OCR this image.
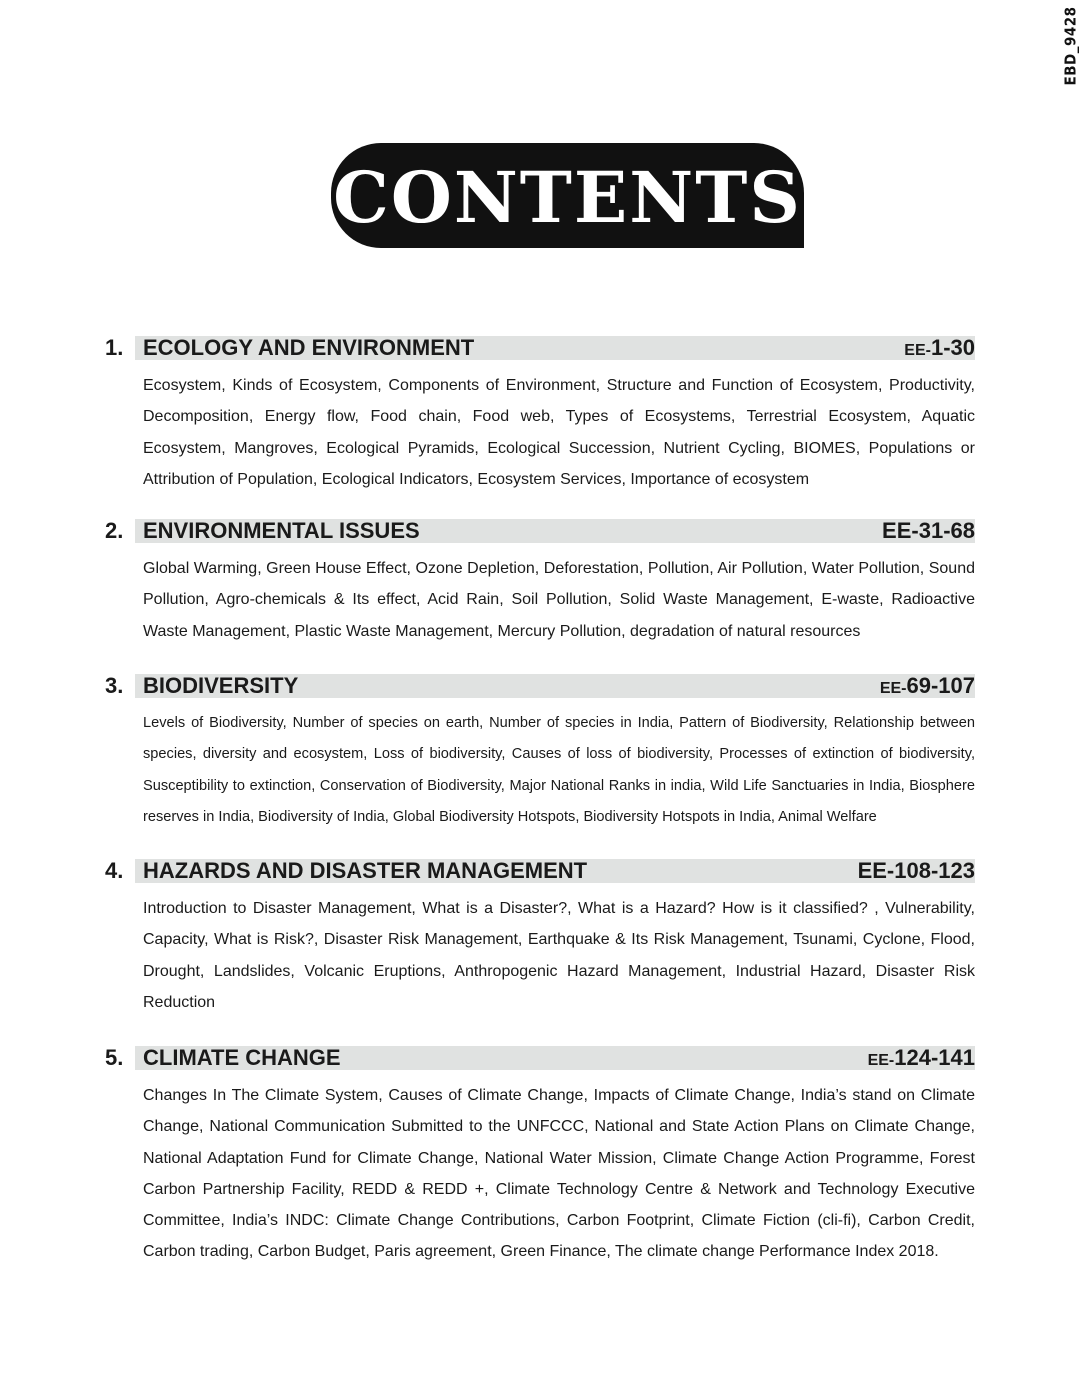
EBD_9428
CONTENTS
1. ECOLOGY AND ENVIRONMENT	EE-1-30
Ecosystem, Kinds of Ecosystem, Components of Environment, Structure and Function of Ecosystem, Productivity, Decomposition, Energy flow, Food chain, Food web, Types of Ecosystems, Terrestrial Ecosystem, Aquatic Ecosystem, Mangroves, Ecological Pyramids, Ecological Succession, Nutrient Cycling, BIOMES, Populations or Attribution of Population, Ecological Indicators, Ecosystem Services, Importance of ecosystem
2. ENVIRONMENTAL ISSUES	EE-31-68
Global Warming, Green House Effect, Ozone Depletion, Deforestation, Pollution, Air Pollution, Water Pollution, Sound Pollution, Agro-chemicals & Its effect, Acid Rain, Soil Pollution, Solid Waste Management, E-waste, Radioactive Waste Management, Plastic Waste Management, Mercury Pollution, degradation of natural resources
3. BIODIVERSITY	EE-69-107
Levels of Biodiversity, Number of species on earth, Number of species in India, Pattern of Biodiversity, Relationship between species, diversity and ecosystem, Loss of biodiversity, Causes of loss of biodiversity, Processes of extinction of biodiversity, Susceptibility to extinction, Conservation of Biodiversity, Major National Ranks in india, Wild Life Sanctuaries in India, Biosphere reserves in India, Biodiversity of India, Global Biodiversity Hotspots, Biodiversity Hotspots in India, Animal Welfare
4. HAZARDS AND DISASTER MANAGEMENT	EE-108-123
Introduction to Disaster Management, What is a Disaster?, What is a Hazard? How is it classified? , Vulnerability, Capacity, What is Risk?, Disaster Risk Management, Earthquake & Its Risk Management, Tsunami, Cyclone, Flood, Drought, Landslides, Volcanic Eruptions, Anthropogenic Hazard Management, Industrial Hazard, Disaster Risk Reduction
5. CLIMATE CHANGE	EE-124-141
Changes In The Climate System, Causes of Climate Change, Impacts of Climate Change, India’s stand on Climate Change, National Communication Submitted to the UNFCCC, National and State Action Plans on Climate Change, National Adaptation Fund for Climate Change, National Water Mission, Climate Change Action Programme, Forest Carbon Partnership Facility, REDD & REDD +, Climate Technology Centre & Network and Technology Executive Committee, India’s INDC: Climate Change Contributions, Carbon Footprint, Climate Fiction (cli-fi), Carbon Credit, Carbon trading, Carbon Budget, Paris agreement, Green Finance, The climate change Performance Index 2018.
